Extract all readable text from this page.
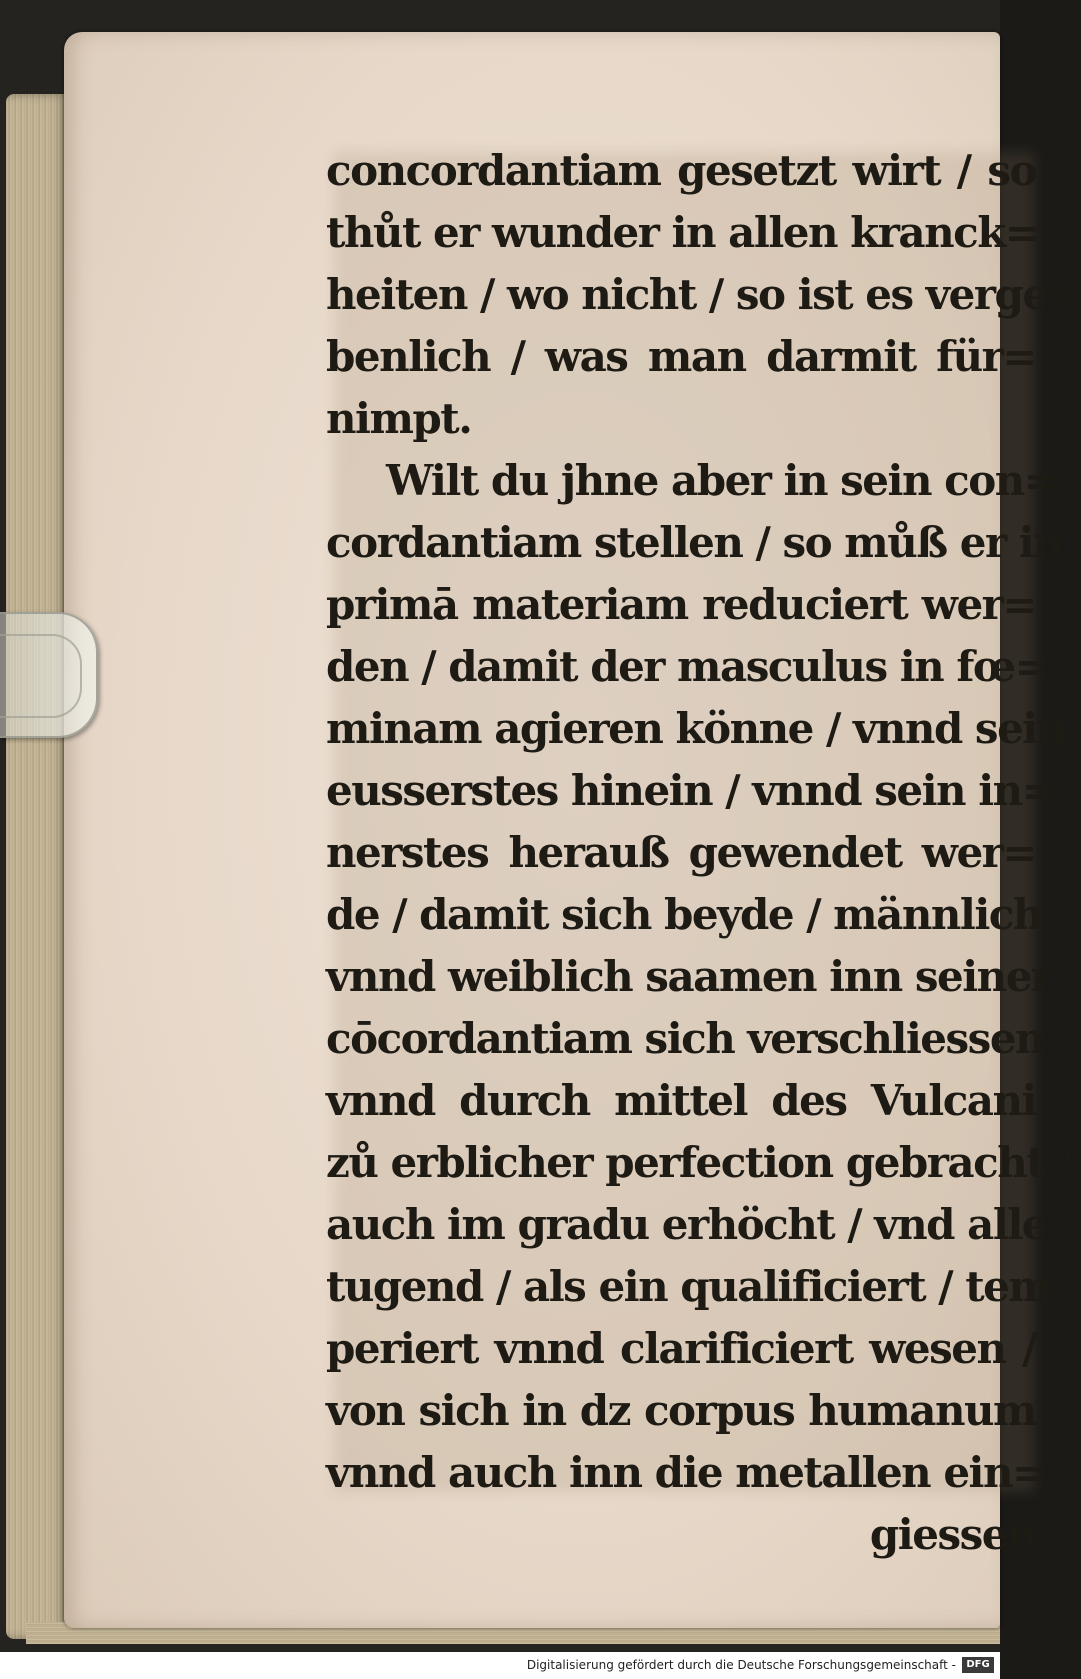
concordantiam gesetzt wirt / so
thůt er wunder in allen kranck=
heiten / wo nicht / so ist es verge=
benlich / was man darmit für=
nimpt.
Wilt du jhne aber in sein con=
cordantiam stellen / so můß er in
primā materiam reduciert wer=
den / damit der masculus in fœ=
minam agieren könne / vnnd sein
eusserstes hinein / vnnd sein in=
nerstes herauß gewendet wer=
de / damit sich beyde / männlich
vnnd weiblich saamen inn seiner
cōcordantiam sich verschliessen
vnnd durch mittel des Vulcani
zů erblicher perfection gebracht /
auch im gradu erhöcht / vnd alle
tugend / als ein qualificiert / tem
periert vnnd clarificiert wesen /
von sich in dz corpus humanum
vnnd auch inn die metallen ein=
giessen
Digitalisierung gefördert durch die Deutsche Forschungsgemeinschaft -	DFG
